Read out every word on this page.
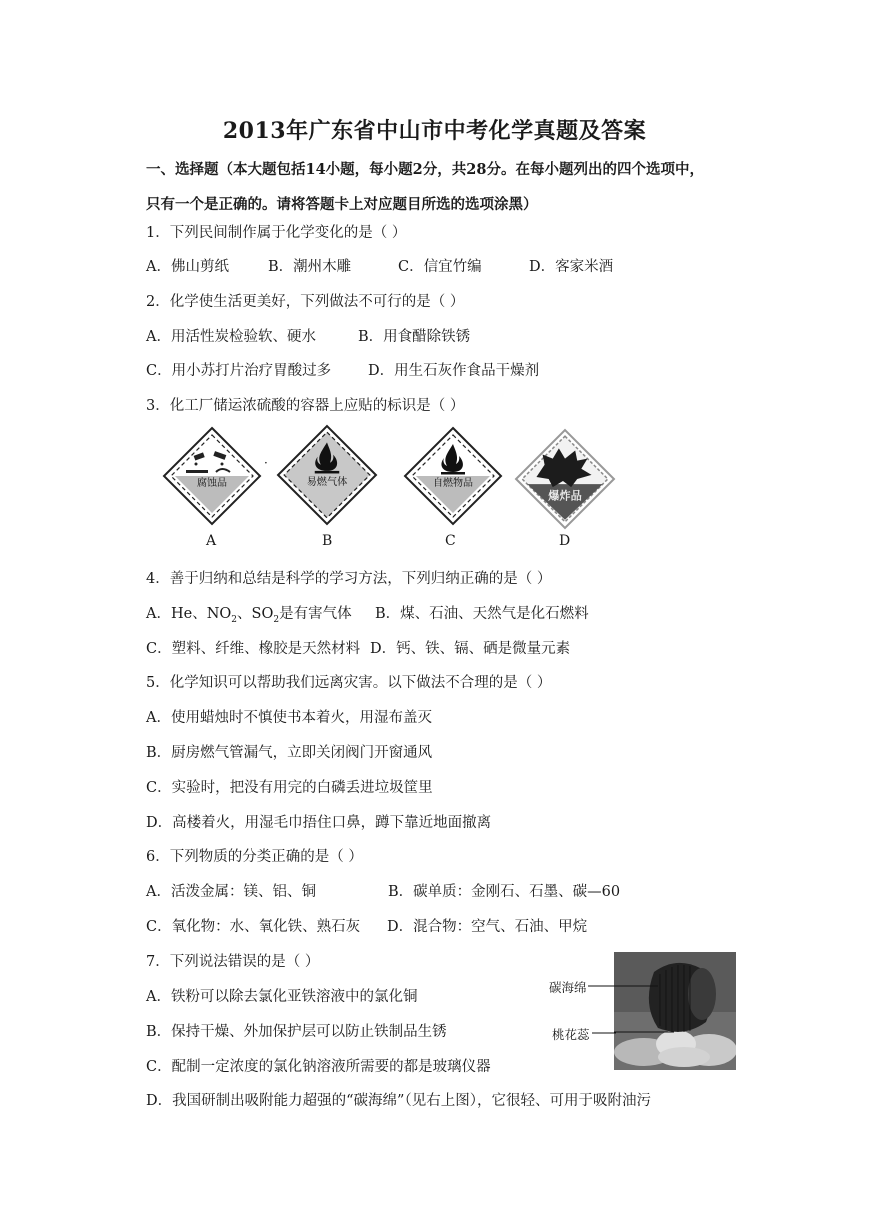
2013年广东省中山市中考化学真题及答案
一、选择题（本大题包括14小题，每小题2分，共28分。在每小题列出的四个选项中，
只有一个是正确的。请将答题卡上对应题目所选的选项涂黑）
1．下列民间制作属于化学变化的是（ ）
A．佛山剪纸	B．潮州木雕	C．信宜竹编	D．客家米酒
2．化学使生活更美好，下列做法不可行的是（ ）
A．用活性炭检验软、硬水	B．用食醋除铁锈
C．用小苏打片治疗胃酸过多	D．用生石灰作食品干燥剂
3．化工厂储运浓硫酸的容器上应贴的标识是（ ）
腐蚀品
·
易燃气体	自燃物品
爆炸品
A	B	C	D
4．善于归纳和总结是科学的学习方法，下列归纳正确的是（ ）
A．He、$NO_2$、$SO_2$是有害气体 B．煤、石油、天然气是化石燃料
C．塑料、纤维、橡胶是天然材料 D．钙、铁、镉、硒是微量元素
5．化学知识可以帮助我们远离灾害。以下做法不合理的是（ ）
A．使用蜡烛时不慎使书本着火，用湿布盖灭
B．厨房燃气管漏气，立即关闭阀门开窗通风
C．实验时，把没有用完的白磷丢进垃圾筐里
D．高楼着火，用湿毛巾捂住口鼻，蹲下靠近地面撤离
6．下列物质的分类正确的是（ ）
A．活泼金属：镁、铝、铜	B．碳单质：金刚石、石墨、碳—60
C．氧化物：水、氧化铁、熟石灰 D．混合物：空气、石油、甲烷
7．下列说法错误的是（ ）
A．铁粉可以除去氯化亚铁溶液中的氯化铜
B．保持干燥、外加保护层可以防止铁制品生锈
C．配制一定浓度的氯化钠溶液所需要的都是玻璃仪器
D．我国研制出吸附能力超强的“碳海绵”（见右上图），它很轻、可用于吸附油污
碳海绵
桃花蕊
